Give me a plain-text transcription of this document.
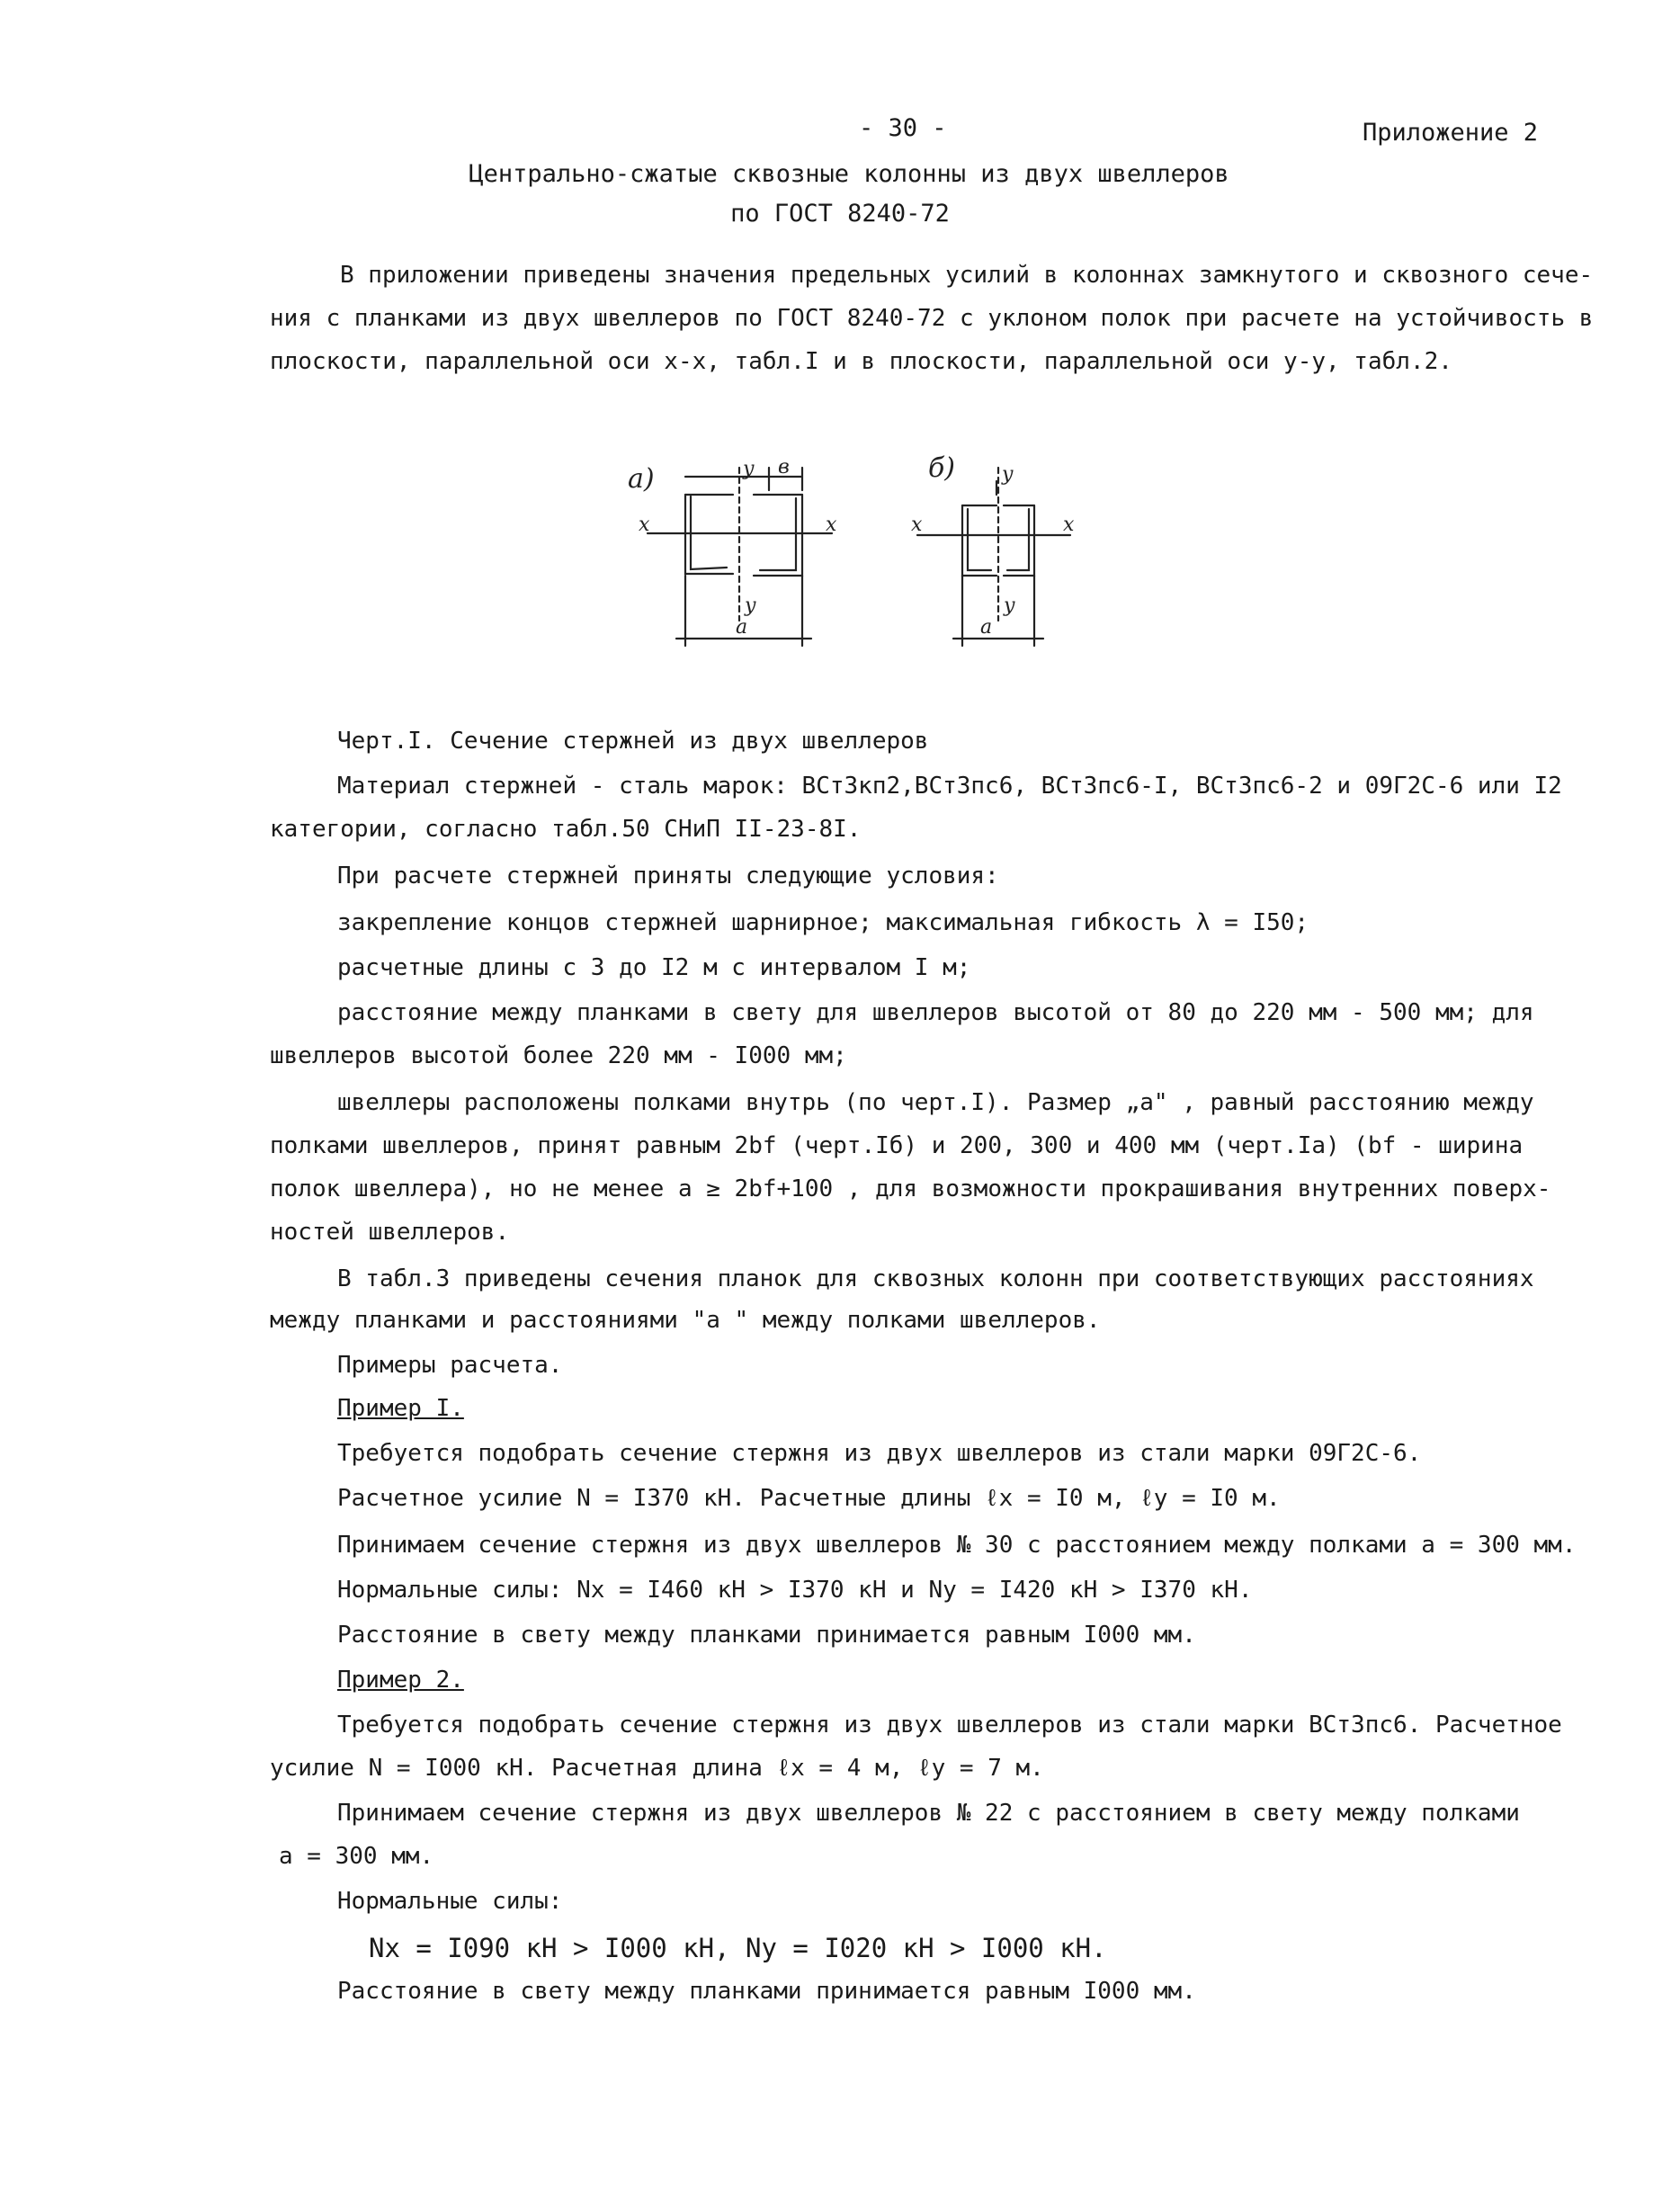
- 30 -	Приложение 2
Центрально-сжатые сквозные колонны из двух швеллеров
по ГОСТ 8240-72
В приложении приведены значения предельных усилий в колоннах замкнутого и сквозного сече-
ния с планками из двух швеллеров по ГОСТ 8240-72 с уклоном полок при расчете на устойчивость в
плоскости, параллельной оси x-x, табл.I и в плоскости, параллельной оси y-y, табл.2.
а)	б)
x	x
y
y
в
а
x	x
y
y
а
Черт.I. Сечение стержней из двух швеллеров
Материал стержней - сталь марок: ВСт3кп2,ВСт3пс6, ВСт3пс6-I, ВСт3пс6-2 и 09Г2С-6 или I2
категории, согласно табл.50 СНиП II-23-8I.
При расчете стержней приняты следующие условия:
закрепление концов стержней шарнирное; максимальная гибкость λ = I50;
расчетные длины с 3 до I2 м с интервалом I м;
расстояние между планками в свету для швеллеров высотой от 80 до 220 мм - 500 мм; для
швеллеров высотой более 220 мм - I000 мм;
швеллеры расположены полками внутрь (по черт.I). Размер „а" , равный расстоянию между
полками швеллеров, принят равным 2bf (черт.Iб) и 200, 300 и 400 мм (черт.Iа) (bf - ширина
полок швеллера), но не менее а ≥ 2bf+100 , для возможности прокрашивания внутренних поверх-
ностей швеллеров.
В табл.3 приведены сечения планок для сквозных колонн при соответствующих расстояниях
между планками и расстояниями "а " между полками швеллеров.
Примеры расчета.
Пример I.
Требуется подобрать сечение стержня из двух швеллеров из стали марки 09Г2С-6.
Расчетное усилие N = I370 кН. Расчетные длины ℓx = I0 м, ℓy = I0 м.
Принимаем сечение стержня из двух швеллеров № 30 с расстоянием между полками а = 300 мм.
Нормальные силы: Nx = I460 кН > I370 кН и Ny = I420 кН > I370 кН.
Расстояние в свету между планками принимается равным I000 мм.
Пример 2.
Требуется подобрать сечение стержня из двух швеллеров из стали марки ВСт3пс6. Расчетное
усилие N = I000 кН. Расчетная длина ℓx = 4 м, ℓy = 7 м.
Принимаем сечение стержня из двух швеллеров № 22 с расстоянием в свету между полками
а = 300 мм.
Нормальные силы:
Nx = I090 кН > I000 кН, Ny = I020 кН > I000 кН.
Расстояние в свету между планками принимается равным I000 мм.
